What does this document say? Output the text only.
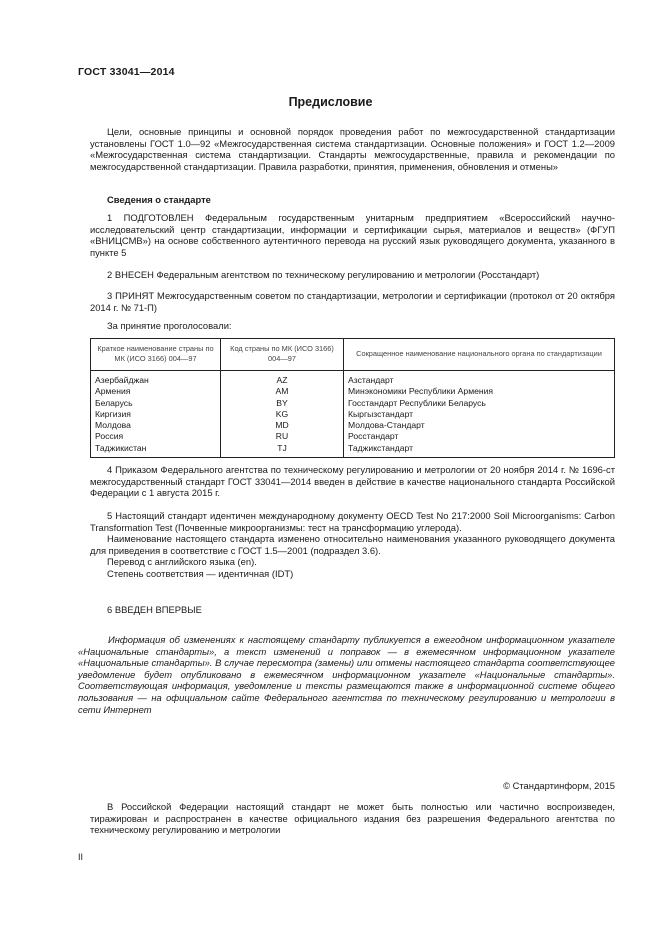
ГОСТ 33041—2014
Предисловие

Цели, основные принципы и основной порядок проведения работ по межгосударственной стандартизации установлены ГОСТ 1.0—92 «Межгосударственная система стандартизации. Основные положения» и ГОСТ 1.2—2009 «Межгосударственная система стандартизации. Стандарты межгосударственные, правила и рекомендации по межгосударственной стандартизации. Правила разработки, принятия, применения, обновления и отмены»

Сведения о стандарте

1 ПОДГОТОВЛЕН Федеральным государственным унитарным предприятием «Всероссийский научно-исследовательский центр стандартизации, информации и сертификации сырья, материалов и веществ» (ФГУП «ВНИЦСМВ») на основе собственного аутентичного перевода на русский язык руководящего документа, указанного в пункте 5

2 ВНЕСЕН Федеральным агентством по техническому регулированию и метрологии (Росстандарт)

3 ПРИНЯТ Межгосударственным советом по стандартизации, метрологии и сертификации (протокол от 20 октября 2014 г. № 71-П)

За принятие проголосовали:

Краткое наименование страны по МК (ИСО 3166) 004—97	Код страны по МК (ИСО 3166) 004—97	Сокращенное наименование национального органа по стандартизации
Азербайджан	AZ	Азстандарт
Армения	AM	Минэкономики Республики Армения
Беларусь	BY	Госстандарт Республики Беларусь
Киргизия	KG	Кыргызстандарт
Молдова	MD	Молдова-Стандарт
Россия	RU	Росстандарт
Таджикистан	TJ	Таджикстандарт

4 Приказом Федерального агентства по техническому регулированию и метрологии от 20 ноября 2014 г. № 1696-ст межгосударственный стандарт ГОСТ 33041—2014 введен в действие в качестве национального стандарта Российской Федерации с 1 августа 2015 г.

5 Настоящий стандарт идентичен международному документу OECD Test No 217:2000 Soil Microorganisms: Carbon Transformation Test (Почвенные микроорганизмы: тест на трансформацию углерода).

Наименование настоящего стандарта изменено относительно наименования указанного руководящего документа для приведения в соответствие с ГОСТ 1.5—2001 (подраздел 3.6).

Перевод с английского языка (en).

Степень соответствия — идентичная (IDT)

6 ВВЕДЕН ВПЕРВЫЕ

Информация об изменениях к настоящему стандарту публикуется в ежегодном информационном указателе «Национальные стандарты», а текст изменений и поправок — в ежемесячном информационном указателе «Национальные стандарты». В случае пересмотра (замены) или отмены настоящего стандарта соответствующее уведомление будет опубликовано в ежемесячном информационном указателе «Национальные стандарты». Соответствующая информация, уведомление и тексты размещаются также в информационной системе общего пользования — на официальном сайте Федерального агентства по техническому регулированию и метрологии в сети Интернет

© Стандартинформ, 2015

В Российской Федерации настоящий стандарт не может быть полностью или частично воспроизведен, тиражирован и распространен в качестве официального издания без разрешения Федерального агентства по техническому регулированию и метрологии

II
